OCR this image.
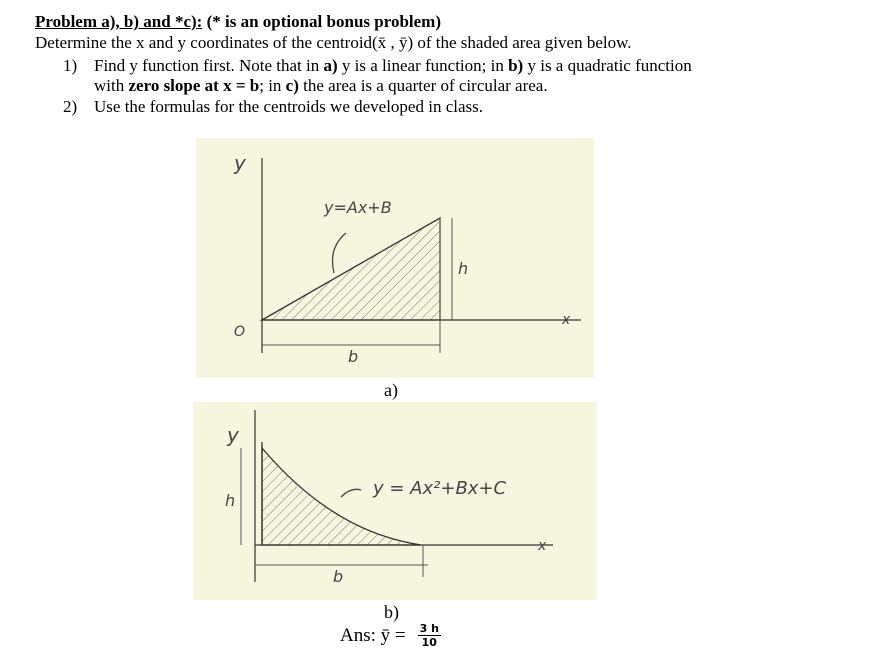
Problem a), b) and *c): (* is an optional bonus problem)
Determine the x and y coordinates of the centroid(x̄ , ȳ) of the shaded area given below.
1) Find y function first. Note that in a) y is a linear function; in b) y is a quadratic function
with zero slope at x = b; in c) the area is a quarter of circular area.
2) Use the formulas for the centroids we developed in class.
y
x
O
y=Ax+B
h
b
a)
y
x
y = Ax²+Bx+C
h
b
b)
Ans: ȳ = $\frac{3 h}{10}$
